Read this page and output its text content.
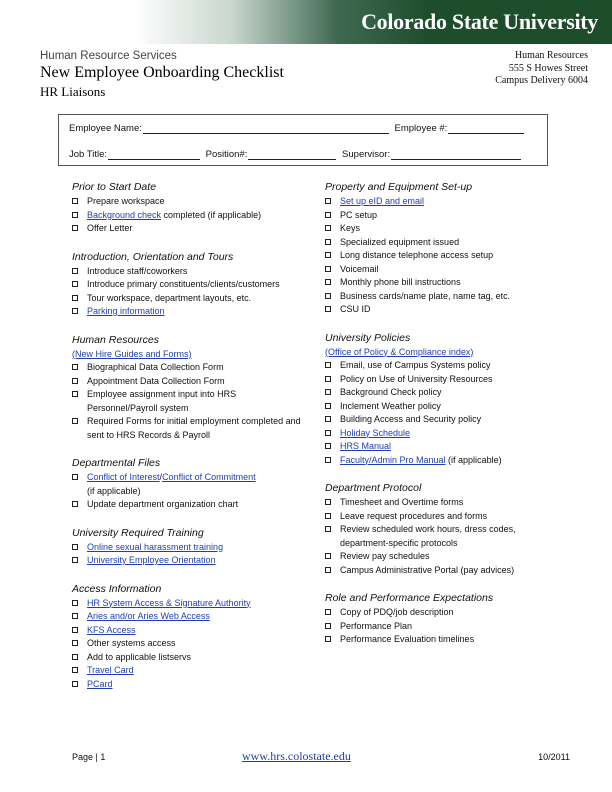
Colorado State University
Human Resource Services
New Employee Onboarding Checklist
HR Liaisons
Human Resources
555 S Howes Street
Campus Delivery 6004
Employee Name:	Employee #:
Job Title:	Position#:	Supervisor:
Prior to Start Date
Prepare workspace
Background check completed (if applicable)
Offer Letter
Introduction, Orientation and Tours
Introduce staff/coworkers
Introduce primary constituents/clients/customers
Tour workspace, department layouts, etc.
Parking information
Human Resources
(New Hire Guides and Forms)
Biographical Data Collection Form
Appointment Data Collection Form
Employee assignment input into HRS Personnel/Payroll system
Required Forms for initial employment completed and sent to HRS Records & Payroll
Departmental Files
Conflict of Interest/Conflict of Commitment
(if applicable)
Update department organization chart
University Required Training
Online sexual harassment training
University Employee Orientation
Access Information
HR System Access & Signature Authority
Aries and/or Aries Web Access
KFS Access
Other systems access
Add to applicable listservs
Travel Card
PCard
Property and Equipment Set-up
Set up eID and email
PC setup
Keys
Specialized equipment issued
Long distance telephone access setup
Voicemail
Monthly phone bill instructions
Business cards/name plate, name tag, etc.
CSU ID
University Policies
(Office of Policy & Compliance index)
Email, use of Campus Systems policy
Policy on Use of University Resources
Background Check policy
Inclement Weather policy
Building Access and Security policy
Holiday Schedule
HRS Manual
Faculty/Admin Pro Manual (if applicable)
Department Protocol
Timesheet and Overtime forms
Leave request procedures and forms
Review scheduled work hours, dress codes, department-specific protocols
Review pay schedules
Campus Administrative Portal (pay advices)
Role and Performance Expectations
Copy of PDQ/job description
Performance Plan
Performance Evaluation timelines
Page | 1	www.hrs.colostate.edu	10/2011
